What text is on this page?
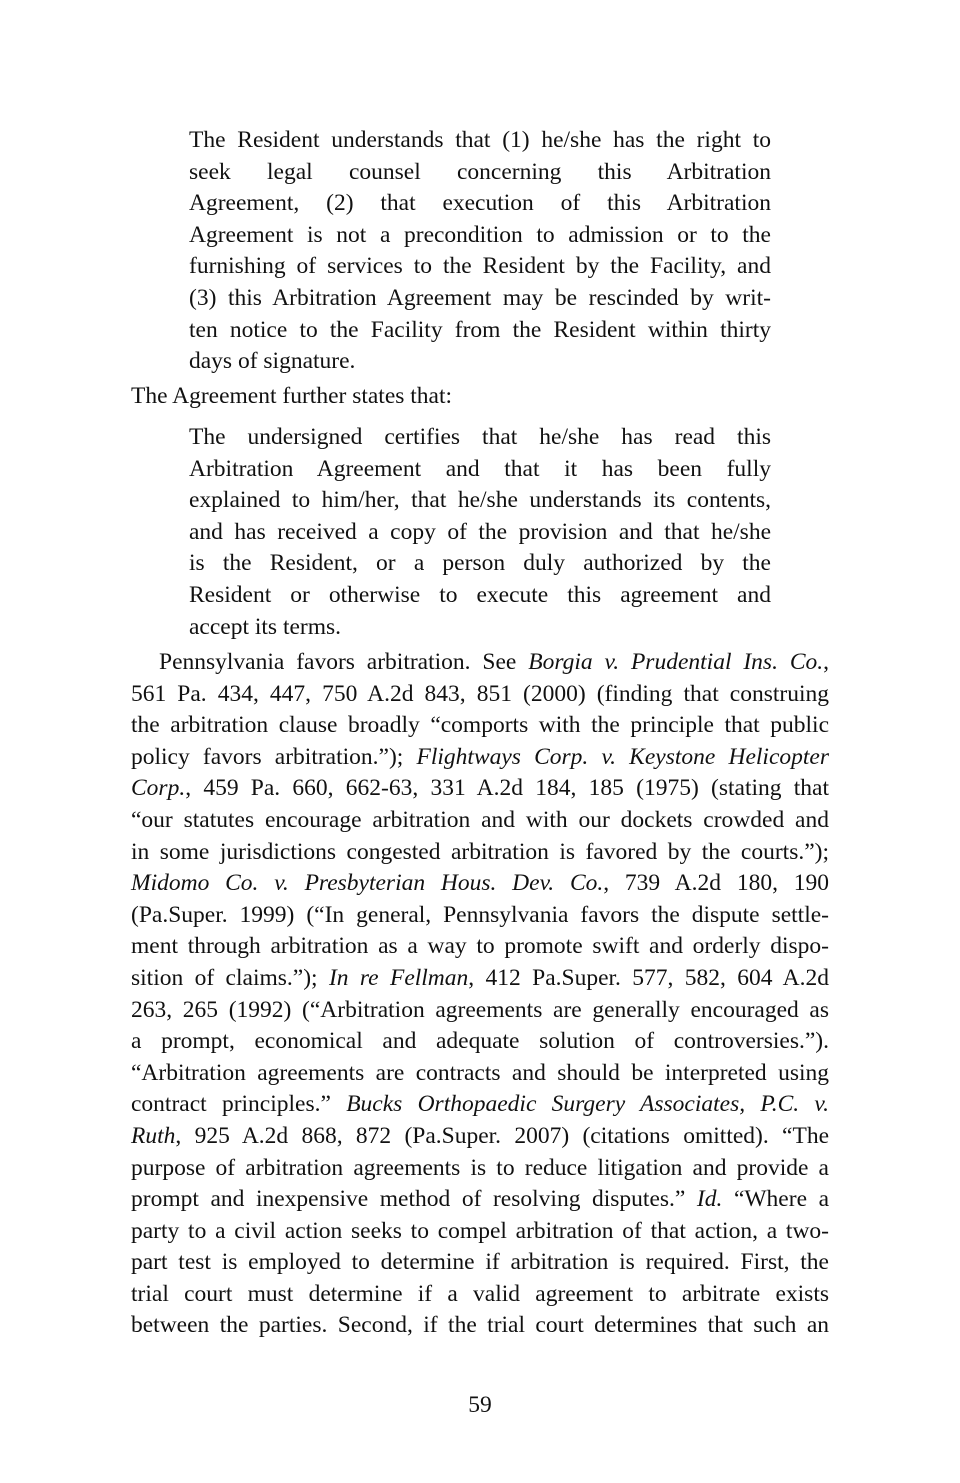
The Resident understands that (1) he/she has the right to
seek legal counsel concerning this Arbitration
Agreement, (2) that execution of this Arbitration
Agreement is not a precondition to admission or to the
furnishing of services to the Resident by the Facility, and
(3) this Arbitration Agreement may be rescinded by writ-
ten notice to the Facility from the Resident within thirty
days of signature.
The Agreement further states that:
The undersigned certifies that he/she has read this
Arbitration Agreement and that it has been fully
explained to him/her, that he/she understands its contents,
and has received a copy of the provision and that he/she
is the Resident, or a person duly authorized by the
Resident or otherwise to execute this agreement and
accept its terms.
Pennsylvania favors arbitration. See Borgia v. Prudential Ins. Co.,
561 Pa. 434, 447, 750 A.2d 843, 851 (2000) (finding that construing
the arbitration clause broadly “comports with the principle that public
policy favors arbitration.”); Flightways Corp. v. Keystone Helicopter
Corp., 459 Pa. 660, 662-63, 331 A.2d 184, 185 (1975) (stating that
“our statutes encourage arbitration and with our dockets crowded and
in some jurisdictions congested arbitration is favored by the courts.”);
Midomo Co. v. Presbyterian Hous. Dev. Co., 739 A.2d 180, 190
(Pa.Super. 1999) (“In general, Pennsylvania favors the dispute settle-
ment through arbitration as a way to promote swift and orderly dispo-
sition of claims.”); In re Fellman, 412 Pa.Super. 577, 582, 604 A.2d
263, 265 (1992) (“Arbitration agreements are generally encouraged as
a prompt, economical and adequate solution of controversies.”).
“Arbitration agreements are contracts and should be interpreted using
contract principles.” Bucks Orthopaedic Surgery Associates, P.C. v.
Ruth, 925 A.2d 868, 872 (Pa.Super. 2007) (citations omitted). “The
purpose of arbitration agreements is to reduce litigation and provide a
prompt and inexpensive method of resolving disputes.” Id. “Where a
party to a civil action seeks to compel arbitration of that action, a two-
part test is employed to determine if arbitration is required. First, the
trial court must determine if a valid agreement to arbitrate exists
between the parties. Second, if the trial court determines that such an
59
